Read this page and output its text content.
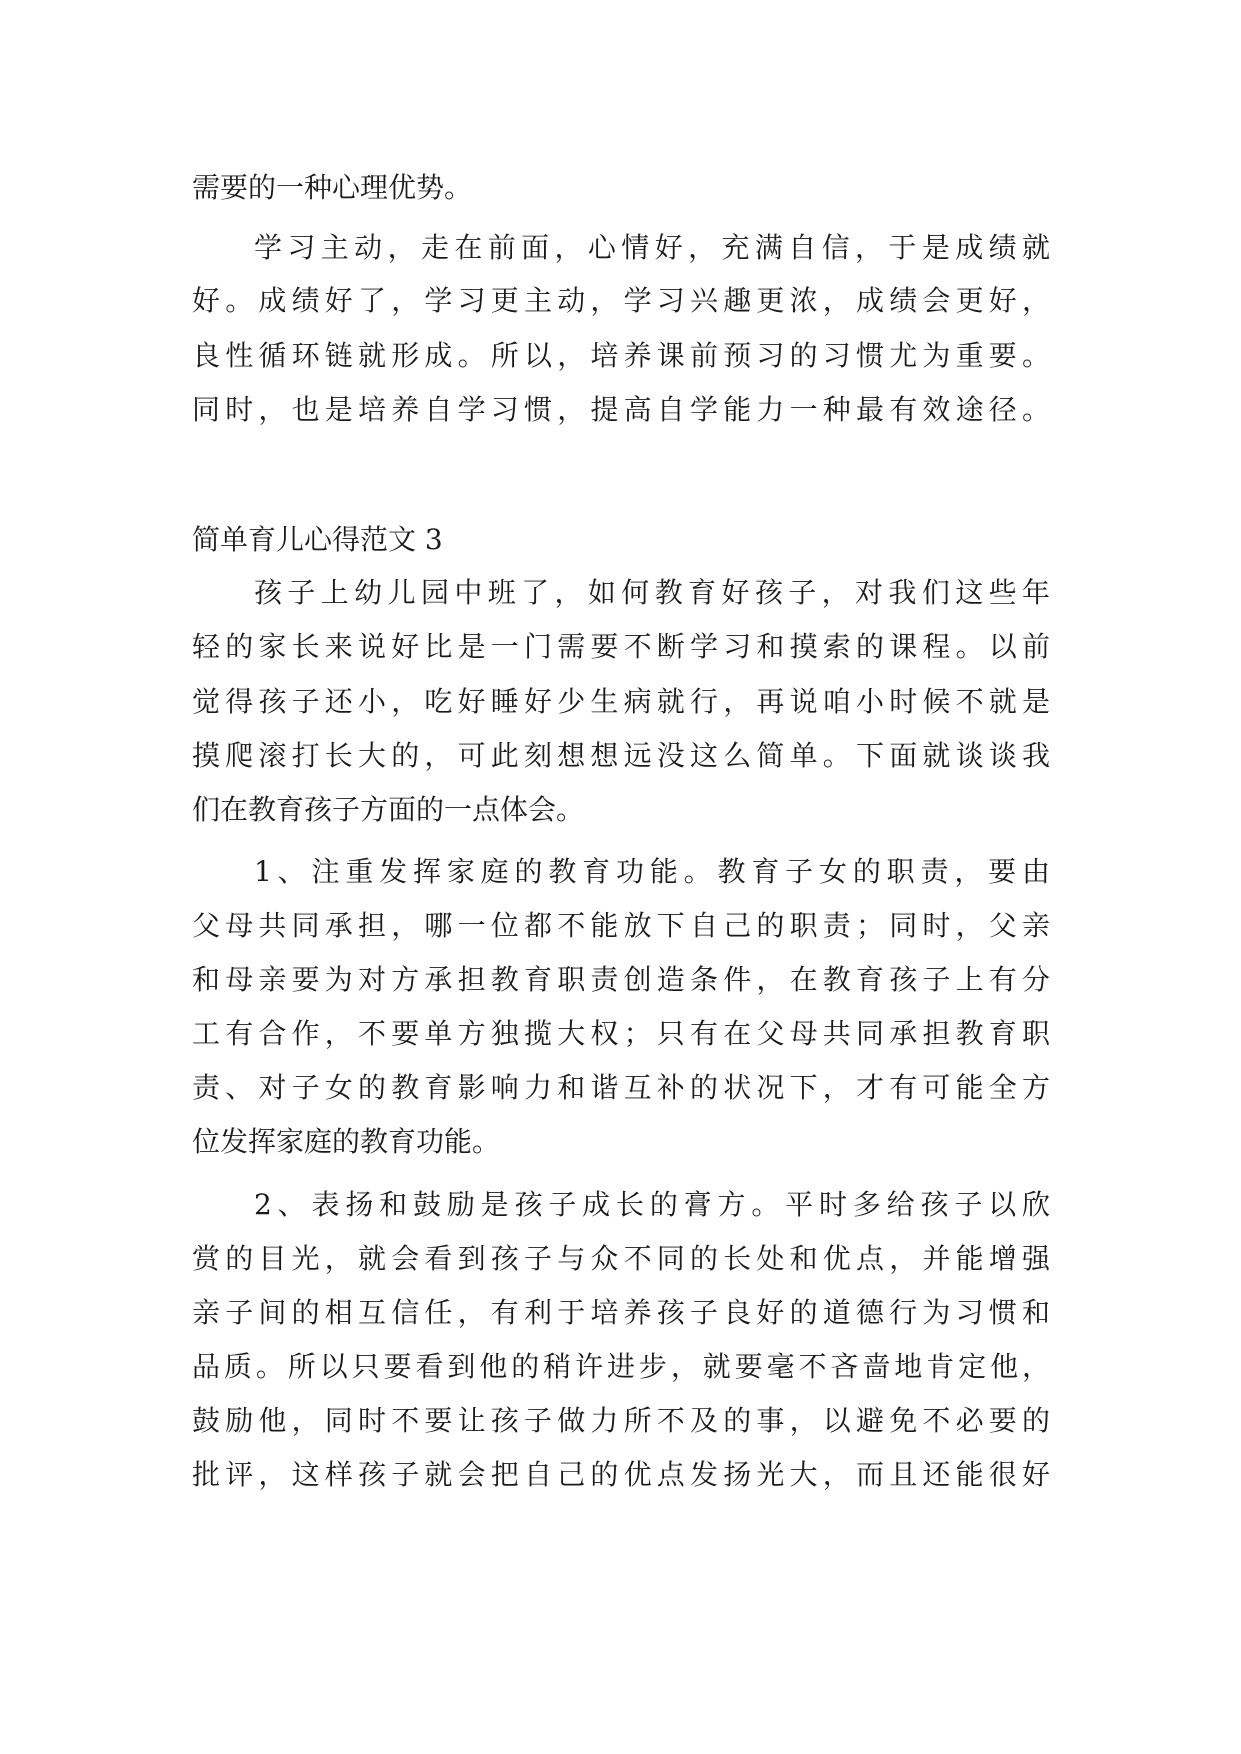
需要的一种心理优势。
学习主动，走在前面，心情好，充满自信，于是成绩就
好。成绩好了，学习更主动，学习兴趣更浓，成绩会更好，
良性循环链就形成。所以，培养课前预习的习惯尤为重要。
同时，也是培养自学习惯，提高自学能力一种最有效途径。
简单育儿心得范文 3
孩子上幼儿园中班了，如何教育好孩子，对我们这些年
轻的家长来说好比是一门需要不断学习和摸索的课程。以前
觉得孩子还小，吃好睡好少生病就行，再说咱小时候不就是
摸爬滚打长大的，可此刻想想远没这么简单。下面就谈谈我
们在教育孩子方面的一点体会。
1、注重发挥家庭的教育功能。教育子女的职责，要由
父母共同承担，哪一位都不能放下自己的职责；同时，父亲
和母亲要为对方承担教育职责创造条件，在教育孩子上有分
工有合作，不要单方独揽大权；只有在父母共同承担教育职
责、对子女的教育影响力和谐互补的状况下，才有可能全方
位发挥家庭的教育功能。
2、表扬和鼓励是孩子成长的膏方。平时多给孩子以欣
赏的目光，就会看到孩子与众不同的长处和优点，并能增强
亲子间的相互信任，有利于培养孩子良好的道德行为习惯和
品质。所以只要看到他的稍许进步，就要毫不吝啬地肯定他，
鼓励他，同时不要让孩子做力所不及的事，以避免不必要的
批评，这样孩子就会把自己的优点发扬光大，而且还能很好
